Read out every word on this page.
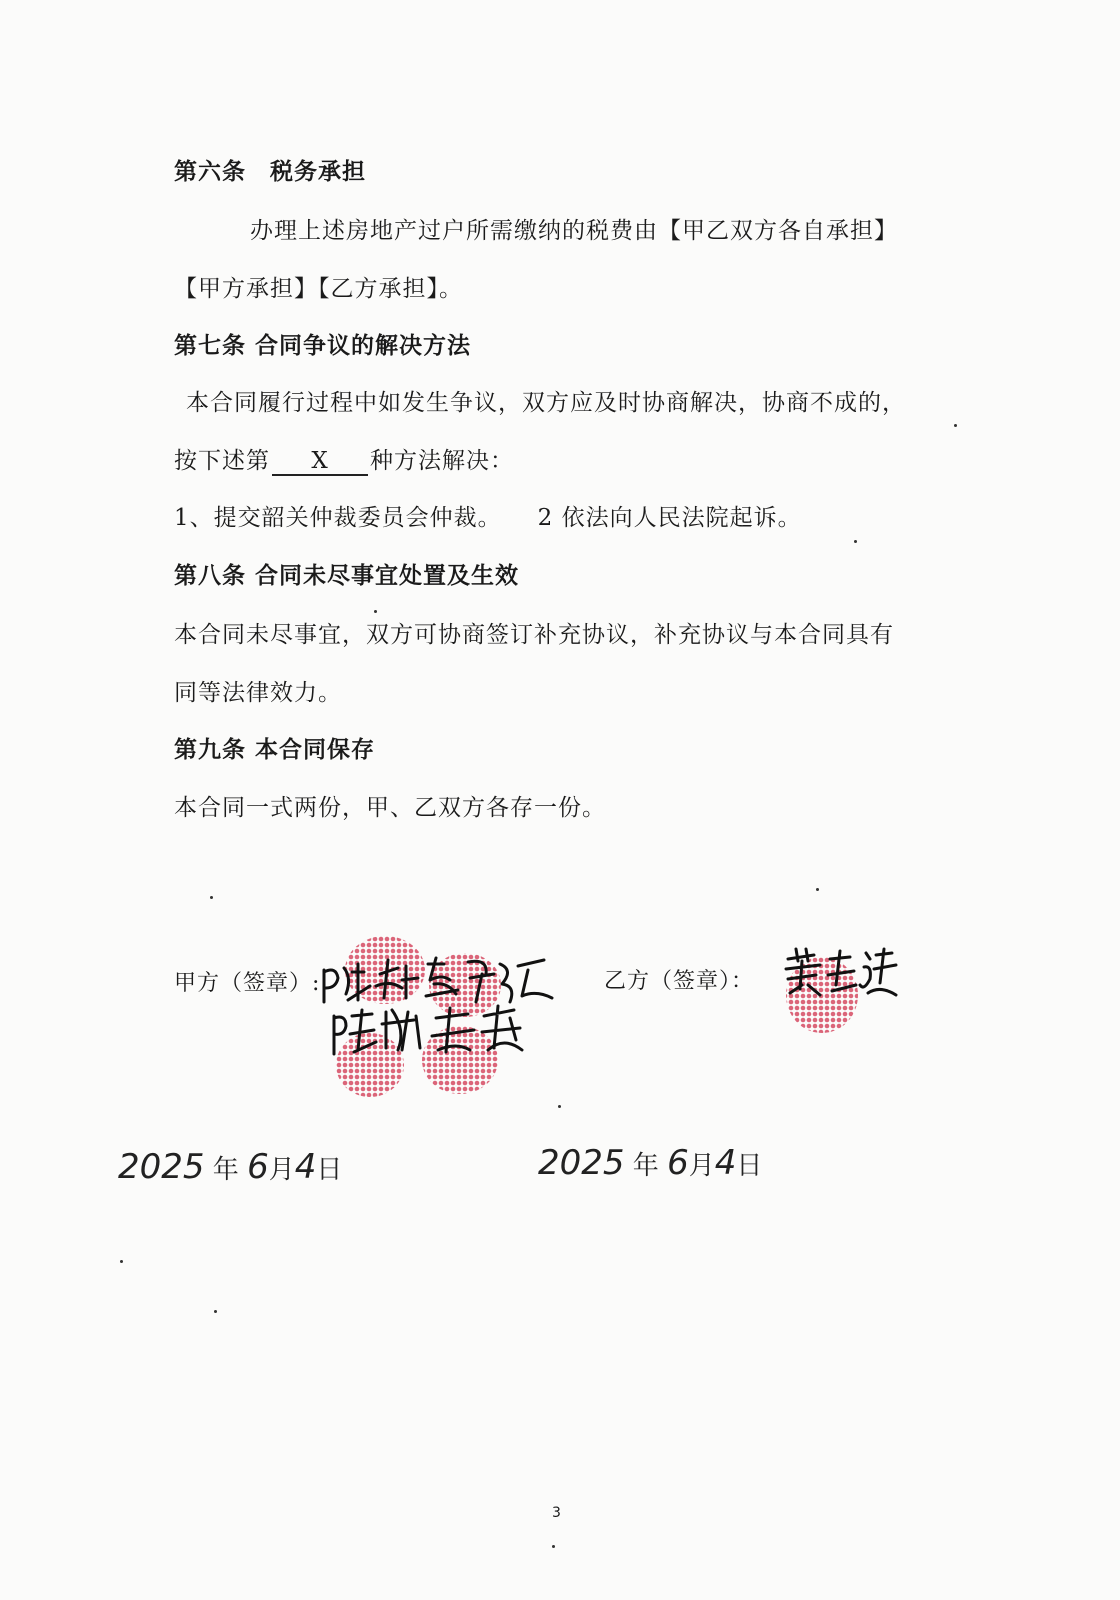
第六条 税务承担
办理上述房地产过户所需缴纳的税费由【甲乙双方各自承担】
【甲方承担】【乙方承担】。
第七条 合同争议的解决方法
本合同履行过程中如发生争议，双方应及时协商解决，协商不成的，
按下述第 X 种方法解决：
1、提交韶关仲裁委员会仲裁。 2 依法向人民法院起诉。
第八条 合同未尽事宜处置及生效
本合同未尽事宜，双方可协商签订补充协议，补充协议与本合同具有
同等法律效力。
第九条 本合同保存
本合同一式两份，甲、乙双方各存一份。
甲方（签章）:	乙方（签章）：
2025 年 6月4日	2025 年 6月4日
3
